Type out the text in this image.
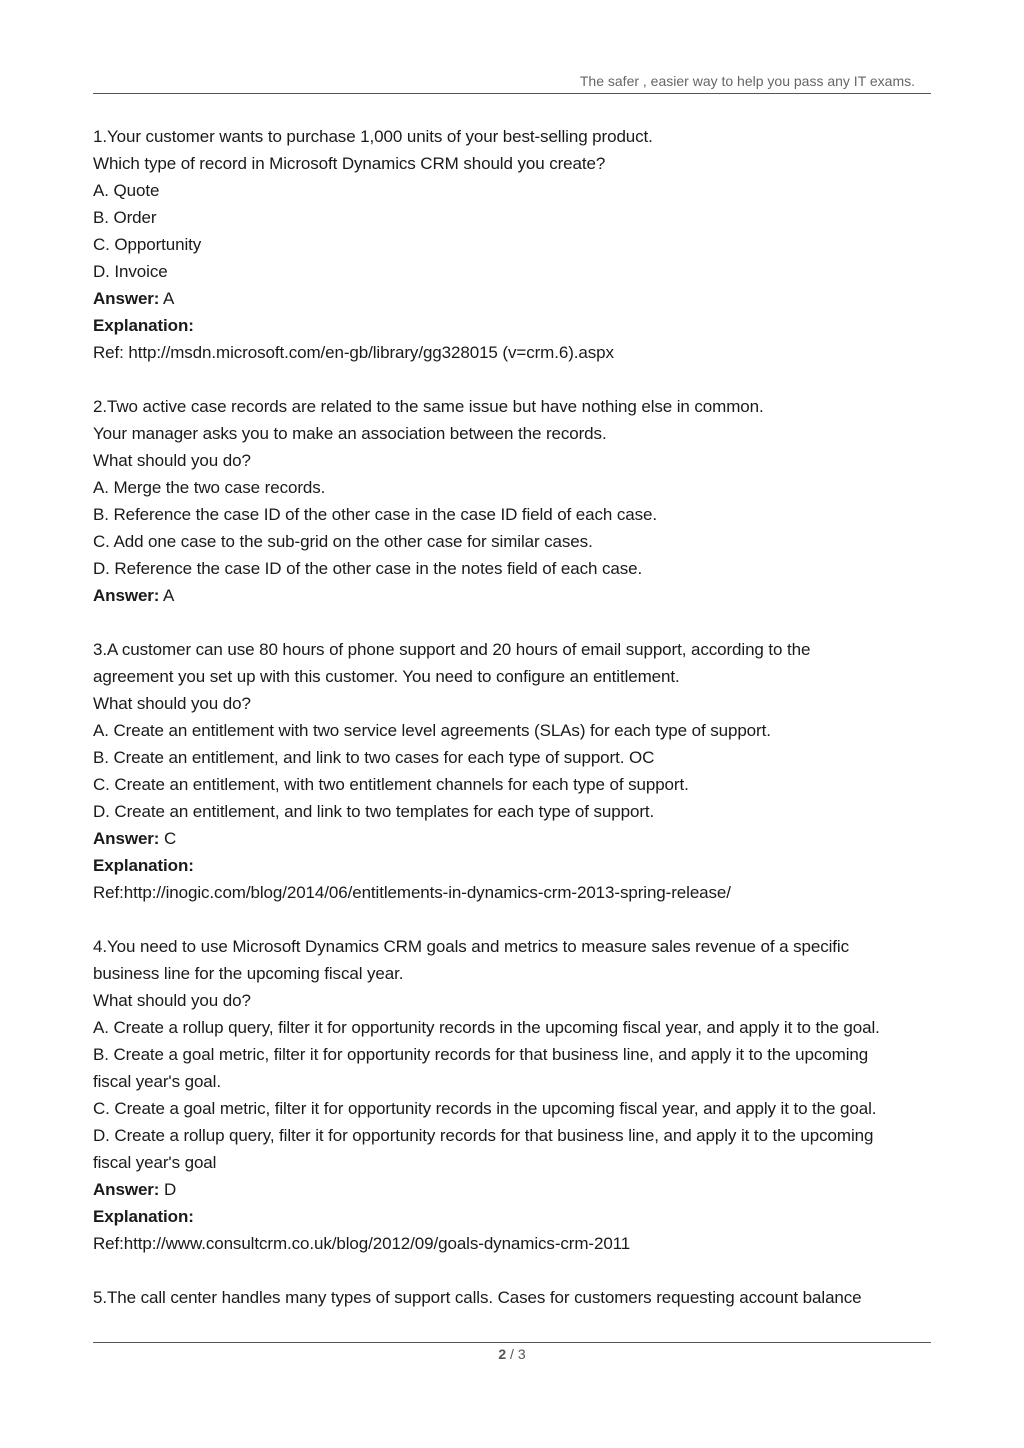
The safer , easier way to help you pass any IT exams.
1.Your customer wants to purchase 1,000 units of your best-selling product.
Which type of record in Microsoft Dynamics CRM should you create?
A. Quote
B. Order
C. Opportunity
D. Invoice
Answer: A
Explanation:
Ref: http://msdn.microsoft.com/en-gb/library/gg328015 (v=crm.6).aspx
2.Two active case records are related to the same issue but have nothing else in common.
Your manager asks you to make an association between the records.
What should you do?
A. Merge the two case records.
B. Reference the case ID of the other case in the case ID field of each case.
C. Add one case to the sub-grid on the other case for similar cases.
D. Reference the case ID of the other case in the notes field of each case.
Answer: A
3.A customer can use 80 hours of phone support and 20 hours of email support, according to the
agreement you set up with this customer. You need to configure an entitlement.
What should you do?
A. Create an entitlement with two service level agreements (SLAs) for each type of support.
B. Create an entitlement, and link to two cases for each type of support. OC
C. Create an entitlement, with two entitlement channels for each type of support.
D. Create an entitlement, and link to two templates for each type of support.
Answer: C
Explanation:
Ref:http://inogic.com/blog/2014/06/entitlements-in-dynamics-crm-2013-spring-release/
4.You need to use Microsoft Dynamics CRM goals and metrics to measure sales revenue of a specific
business line for the upcoming fiscal year.
What should you do?
A. Create a rollup query, filter it for opportunity records in the upcoming fiscal year, and apply it to the goal.
B. Create a goal metric, filter it for opportunity records for that business line, and apply it to the upcoming
fiscal year's goal.
C. Create a goal metric, filter it for opportunity records in the upcoming fiscal year, and apply it to the goal.
D. Create a rollup query, filter it for opportunity records for that business line, and apply it to the upcoming
fiscal year's goal
Answer: D
Explanation:
Ref:http://www.consultcrm.co.uk/blog/2012/09/goals-dynamics-crm-2011
5.The call center handles many types of support calls. Cases for customers requesting account balance
2 / 3
